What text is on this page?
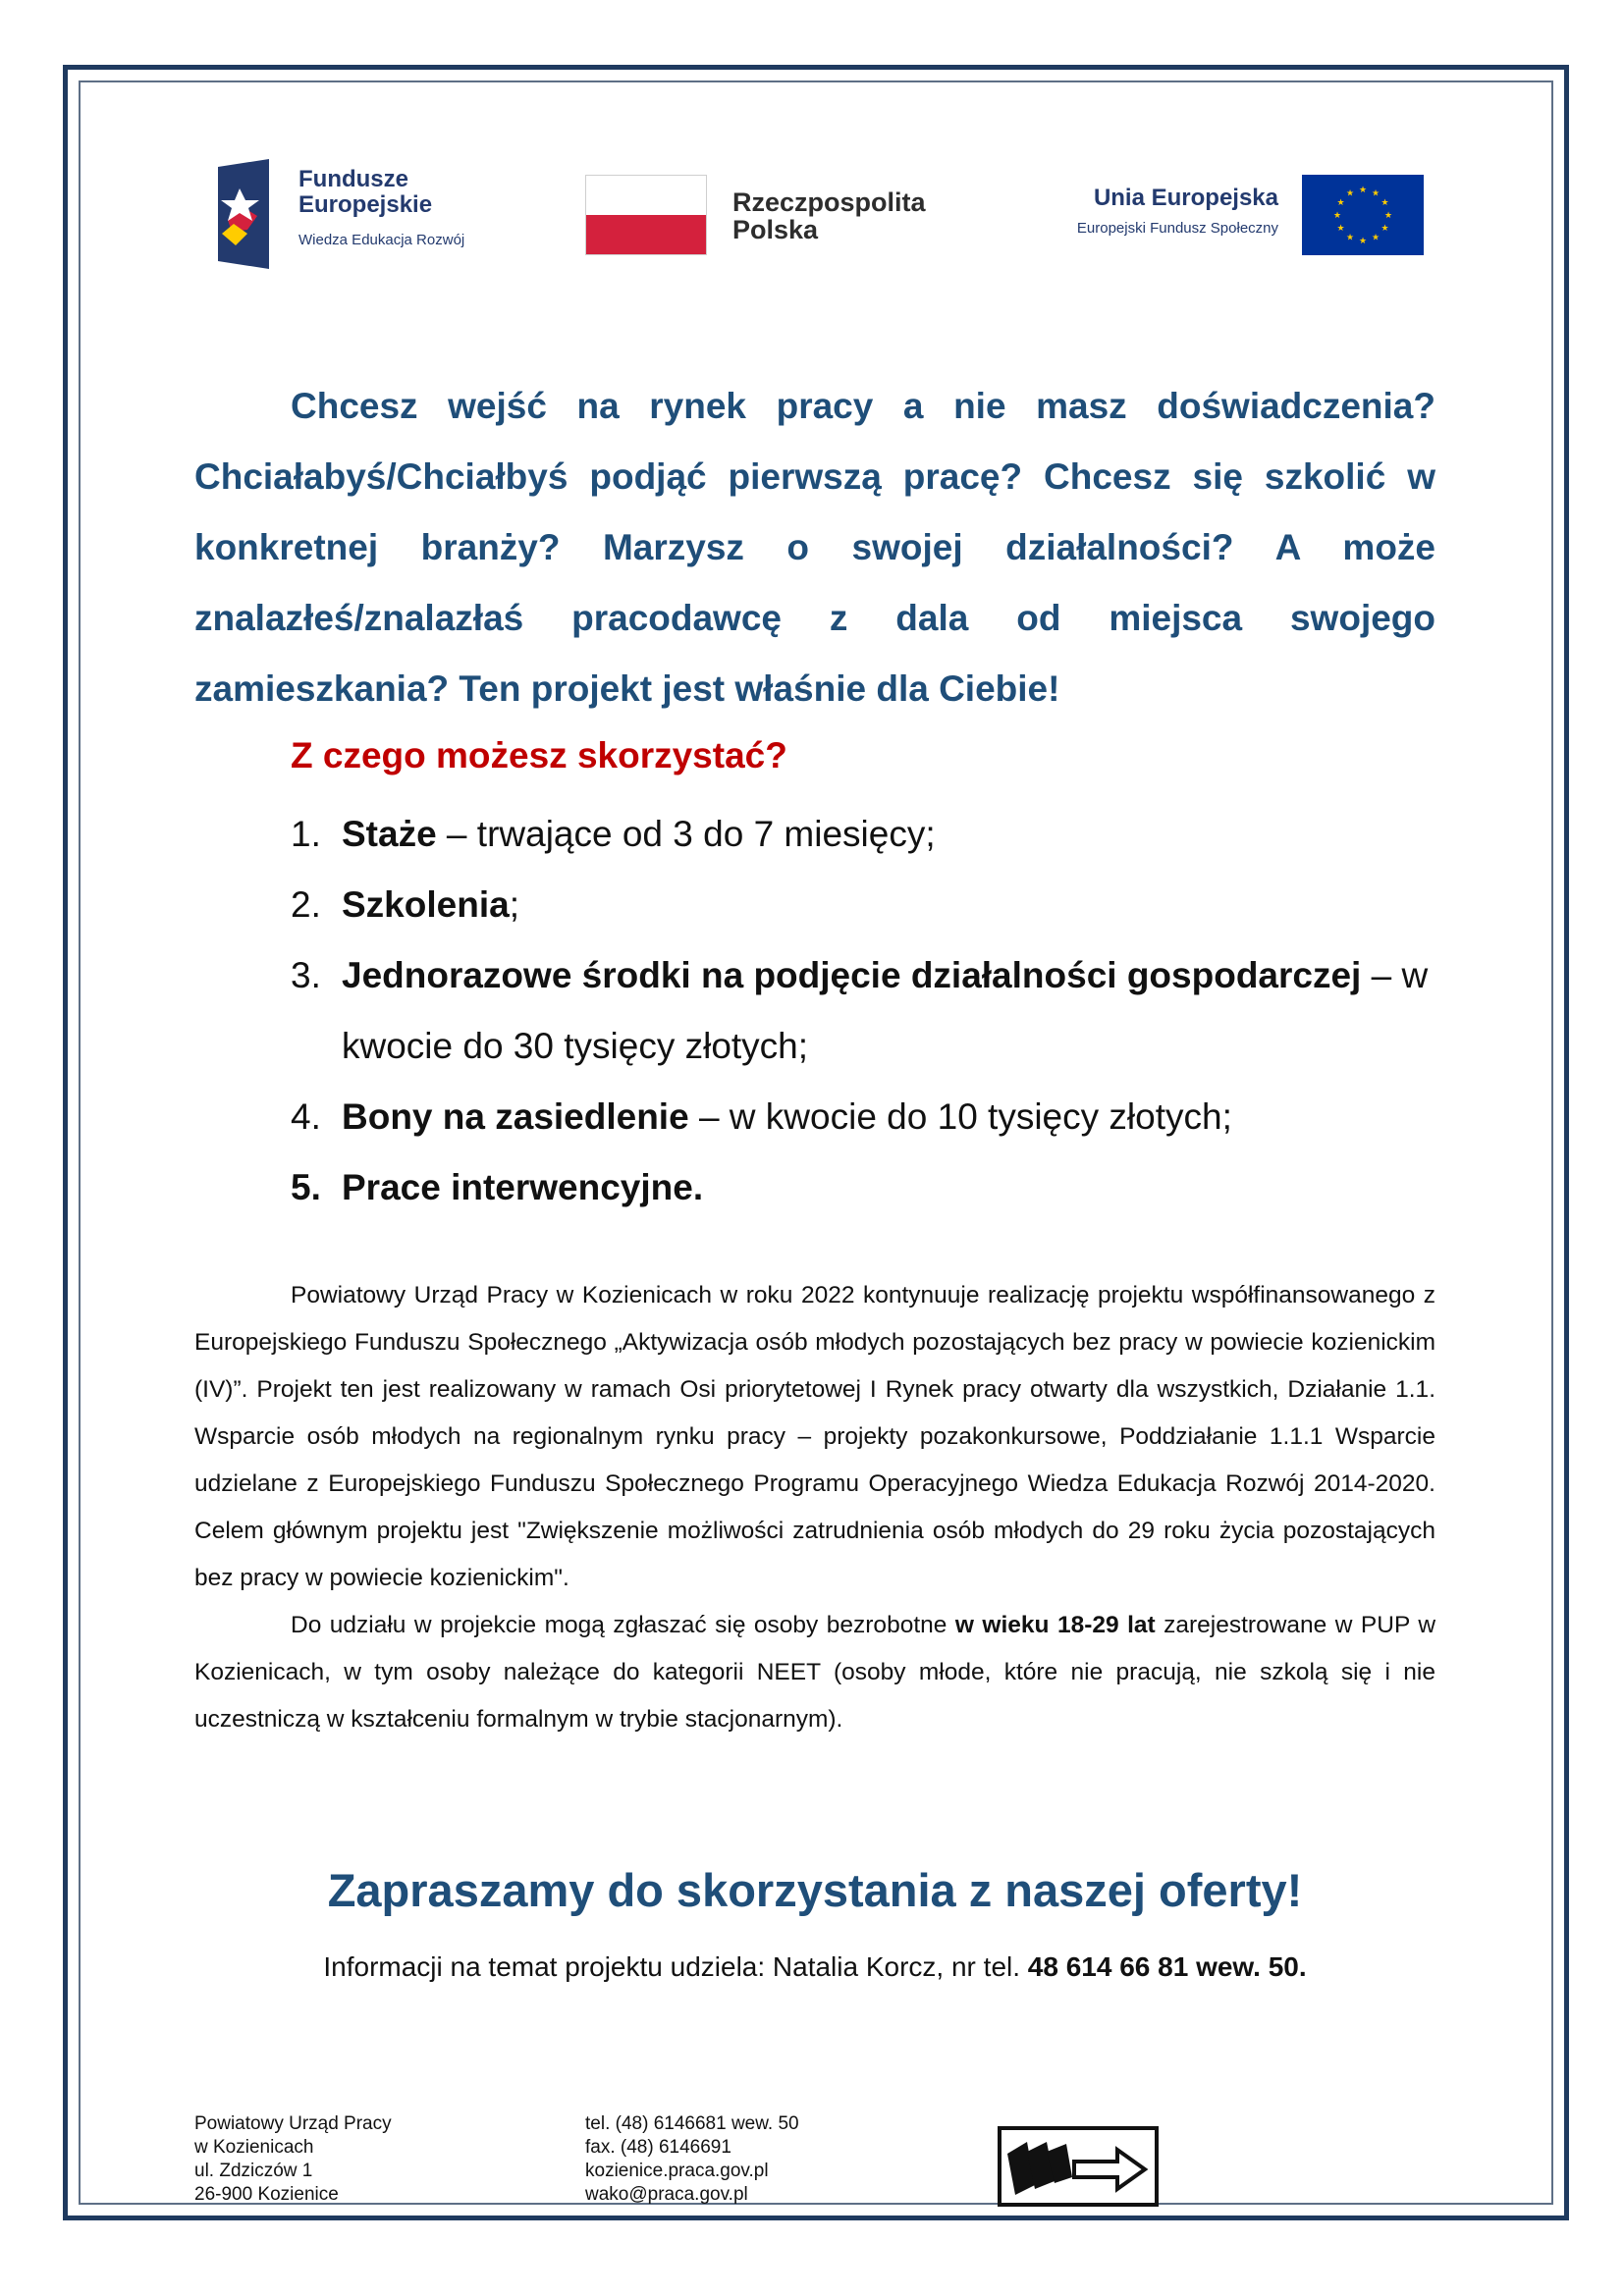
Fundusze
Europejskie
Wiedza Edukacja Rozwój
Rzeczpospolita
Polska
Unia Europejska
Europejski Fundusz Społeczny
★ ★
★
★
★
★
★
★
★
★
★
★

Chcesz wejść na rynek pracy a nie masz doświadczenia? Chciałabyś/Chciałbyś podjąć pierwszą pracę? Chcesz się szkolić w konkretnej branży? Marzysz o swojej działalności? A może znalazłeś/znalazłaś pracodawcę z dala od miejsca swojego zamieszkania? Ten projekt jest właśnie dla Ciebie!

Z czego możesz skorzystać?

1. Staże – trwające od 3 do 7 miesięcy;
2. Szkolenia;
3. Jednorazowe środki na podjęcie działalności gospodarczej – w kwocie do 30 tysięcy złotych;
4. Bony na zasiedlenie – w kwocie do 10 tysięcy złotych;
5. Prace interwencyjne.

Powiatowy Urząd Pracy w Kozienicach w roku 2022 kontynuuje realizację projektu współfinansowanego z Europejskiego Funduszu Społecznego „Aktywizacja osób młodych pozostających bez pracy w powiecie kozienickim (IV)”. Projekt ten jest realizowany w ramach Osi priorytetowej I Rynek pracy otwarty dla wszystkich, Działanie 1.1. Wsparcie osób młodych na regionalnym rynku pracy – projekty pozakonkursowe, Poddziałanie 1.1.1 Wsparcie udzielane z Europejskiego Funduszu Społecznego Programu Operacyjnego Wiedza Edukacja Rozwój 2014-2020. Celem głównym projektu jest "Zwiększenie możliwości zatrudnienia osób młodych do 29 roku życia pozostających bez pracy w powiecie kozienickim".

Do udziału w projekcie mogą zgłaszać się osoby bezrobotne w wieku 18-29 lat zarejestrowane w PUP w Kozienicach, w tym osoby należące do kategorii NEET (osoby młode, które nie pracują, nie szkolą się i nie uczestniczą w kształceniu formalnym w trybie stacjonarnym).

Zapraszamy do skorzystania z naszej oferty!

Informacji na temat projektu udziela: Natalia Korcz, nr tel. 48 614 66 81 wew. 50.

Powiatowy Urząd Pracy
w Kozienicach
ul. Zdziczów 1
26-900 Kozienice
tel. (48) 6146681 wew. 50
fax. (48) 6146691
kozienice.praca.gov.pl
wako@praca.gov.pl
